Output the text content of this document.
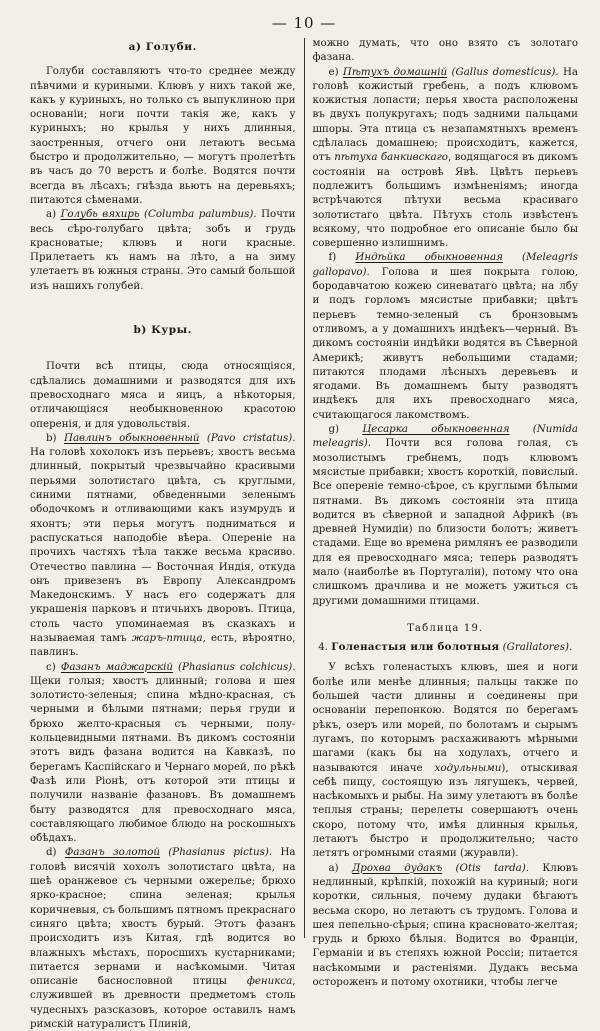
— 10 —
а) Голуби.

Голуби составляютъ что-то среднее между пѣвчими и куриными. Клювъ у нихъ такой же, какъ у куриныхъ, но только съ выпуклиною при основаніи; ноги почти такія же, какъ у куриныхъ; но крылья у нихъ длинныя, заостренныя, отчего они летаютъ весьма быстро и продолжительно, — могутъ пролетѣть въ часъ до 70 верстъ и болѣе. Водятся почти всегда въ лѣсахъ; гнѣзда вьютъ на деревьяхъ; питаются сѣменами.

a) Голубь вяхирь (Columba palumbus). Почти весь сѣро-голубаго цвѣта; зобъ и грудь красноватые; клювъ и ноги красные. Прилетаетъ къ намъ на лѣто, а на зиму улетаетъ въ южныя страны. Это самый большой изъ нашихъ голубей.

b) Куры.

Почти всѣ птицы, сюда относящіяся, сдѣлались домашними и разводятся для ихъ превосходнаго мяса и яицъ, а нѣкоторыя, отличающіяся необыкновенною красотою оперенія, и для удовольствія.

b) Павлинъ обыкновенный (Pavo cristatus). На головѣ хохолокъ изъ перьевъ; хвостъ весьма длинный, покрытый чрезвычайно красивыми перьями золотистаго цвѣта, съ круглыми, синими пятнами, обведенными зеленымъ ободочкомъ и отливающими какъ изумрудъ и яхонтъ; эти перья могутъ подниматься и распускаться наподобіе вѣера. Опереніе на прочихъ частяхъ тѣла также весьма красиво. Отечество павлина — Восточная Индія, откуда онъ привезенъ въ Европу Александромъ Македонскимъ. У насъ его содержатъ для украшенія парковъ и птичьихъ дворовъ. Птица, столь часто упоминаемая въ сказкахъ и называемая тамъ жаръ-птица, есть, вѣроятно, павлинъ.

c) Фазанъ маджарскій (Phasianus colchicus). Щеки голыя; хвостъ длинный; голова и шея золотисто-зеленыя; спина мѣдно-красная, съ черными и бѣлыми пятнами; перья груди и брюхо желто-красныя съ черными, полу-кольцевидными пятнами. Въ дикомъ состояніи этотъ видъ фазана водится на Кавказѣ, по берегамъ Каспійскаго и Чернаго морей, по рѣкѣ Фазѣ или Ріонѣ, отъ которой эти птицы и получили названіе фазановъ. Въ домашнемъ быту разводятся для превосходнаго мяса, составляющаго любимое блюдо на роскошныхъ обѣдахъ.

d) Фазанъ золотой (Phasianus pictus). На головѣ висячій хохолъ золотистаго цвѣта, на шеѣ оранжевое съ черными ожерелье; брюхо ярко-красное; спина зеленая; крылья коричневыя, съ большимъ пятномъ прекраснаго синяго цвѣта; хвостъ бурый. Этотъ фазанъ происходитъ изъ Китая, гдѣ водится во влажныхъ мѣстахъ, поросшихъ кустарниками; питается зернами и насѣкомыми. Читая описаніе баснословной птицы феникса, служившей въ древности предметомъ столь чудесныхъ разсказовъ, которое оставилъ намъ римскій натуралистъ Плиній,

можно думать, что оно взято съ золотаго фазана.

e) Пѣтухъ домашній (Gallus domesticus). На головѣ кожистый гребень, а подъ клювомъ кожистыя лопасти; перья хвоста расположены въ двухъ полукругахъ; подъ задними пальцами шпоры. Эта птица съ незапамятныхъ временъ сдѣлалась домашнею; происходитъ, кажется, отъ пѣтуха банкивскаго, водящагося въ дикомъ состояніи на островѣ Явѣ. Цвѣтъ перьевъ подлежитъ большимъ измѣненіямъ; иногда встрѣчаются пѣтухи весьма красиваго золотистаго цвѣта. Пѣтухъ столь извѣстенъ всякому, что подробное его описаніе было бы совершенно излишнимъ.

f) Индѣйка обыкновенная (Meleagris gallopavo). Голова и шея покрыта голою, бородавчатою кожею синеватаго цвѣта; на лбу и подъ горломъ мясистые прибавки; цвѣтъ перьевъ темно-зеленый съ бронзовымъ отливомъ, а у домашнихъ индѣекъ—черный. Въ дикомъ состояніи индѣйки водятся въ Сѣверной Америкѣ; живутъ небольшими стадами; питаются плодами лѣсныхъ деревьевъ и ягодами. Въ домашнемъ быту разводятъ индѣекъ для ихъ превосходнаго мяса, считающагося лакомствомъ.

g) Цесарка обыкновенная (Numida meleagris). Почти вся голова голая, съ мозолистымъ гребнемъ, подъ клювомъ мясистые прибавки; хвостъ короткій, повислый. Все опереніе темно-сѣрое, съ круглыми бѣлыми пятнами. Въ дикомъ состояніи эта птица водится въ сѣверной и западной Африкѣ (въ древней Нумидіи) по близости болотъ; живетъ стадами. Еще во времена римлянъ ее разводили для ея превосходнаго мяса; теперь разводятъ мало (наиболѣе въ Португаліи), потому что она слишкомъ драчлива и не можетъ ужиться съ другими домашними птицами.

Таблица 19.
4. Голенастыя или болотныя (Grallatores).

У всѣхъ голенастыхъ клювъ, шея и ноги болѣе или менѣе длинныя; пальцы также по большей части длинны и соединены при основаніи перепонкою. Водятся по берегамъ рѣкъ, озеръ или морей, по болотамъ и сырымъ лугамъ, по которымъ расхаживаютъ мѣрными шагами (какъ бы на ходулахъ, отчего и называются иначе ходульными), отыскивая себѣ пищу, состоящую изъ лягушекъ, червей, насѣкомыхъ и рыбы. На зиму улетаютъ въ болѣе теплыя страны; перелеты совершаютъ очень скоро, потому что, имѣя длинныя крылья, летаютъ быстро и продолжительно; часто летятъ огромными стаями (журавли).

a) Дрохва дудакъ (Otis tarda). Клювъ недлинный, крѣпкій, похожій на куриный; ноги коротки, сильныя, почему дудаки бѣгаютъ весьма скоро, но летаютъ съ трудомъ. Голова и шея пепельно-сѣрыя; спина красновато-желтая; грудь и брюхо бѣлыя. Водится во Франціи, Германіи и въ степяхъ южной Россіи; питается насѣкомыми и растеніями. Дудакъ весьма остороженъ и потому охотники, чтобы легче
